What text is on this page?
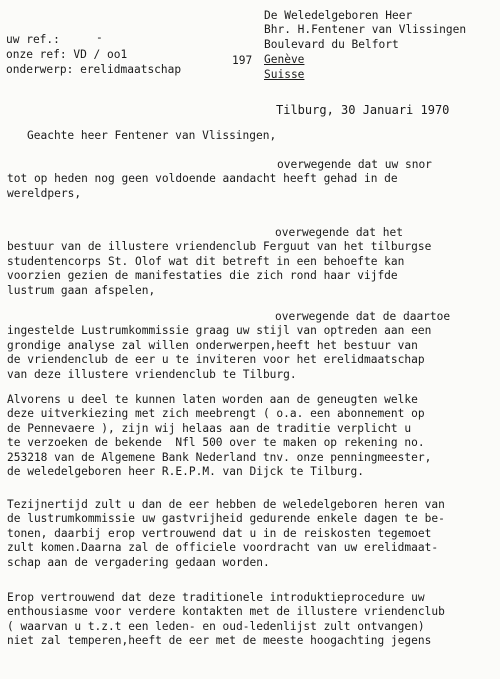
uw ref.:	-
onze ref: VD / oo1
onderwerp: erelidmaatschap
197
De Weledelgeboren Heer
Bhr. H.Fentener van Vlissingen
Boulevard du Belfort
Genève
Suisse
Tilburg, 30 Januari 1970
Geachte heer Fentener van Vlissingen,
overwegende dat uw snor
tot op heden nog geen voldoende aandacht heeft gehad in de
wereldpers,
overwegende dat het
bestuur van de illustere vriendenclub Ferguut van het tilburgse
studentencorps St. Olof wat dit betreft in een behoefte kan
voorzien gezien de manifestaties die zich rond haar vijfde
lustrum gaan afspelen,
overwegende dat de daartoe
ingestelde Lustrumkommissie graag uw stijl van optreden aan een
grondige analyse zal willen onderwerpen,heeft het bestuur van
de vriendenclub de eer u te inviteren voor het erelidmaatschap
van deze illustere vriendenclub te Tilburg.
Alvorens u deel te kunnen laten worden aan de geneugten welke
deze uitverkiezing met zich meebrengt ( o.a. een abonnement op
de Pennevaere ), zijn wij helaas aan de traditie verplicht u
te verzoeken de bekende  Nfl 500 over te maken op rekening no.
253218 van de Algemene Bank Nederland tnv. onze penningmeester,
de weledelgeboren heer R.E.P.M. van Dijck te Tilburg.
Tezijnertijd zult u dan de eer hebben de weledelgeboren heren van
de lustrumkommissie uw gastvrijheid gedurende enkele dagen te be-
tonen, daarbij erop vertrouwend dat u in de reiskosten tegemoet
zult komen.Daarna zal de officiele voordracht van uw erelidmaat-
schap aan de vergadering gedaan worden.
Erop vertrouwend dat deze traditionele introduktieprocedure uw
enthousiasme voor verdere kontakten met de illustere vriendenclub
( waarvan u t.z.t een leden- en oud-ledenlijst zult ontvangen)
niet zal temperen,heeft de eer met de meeste hoogachting jegens
